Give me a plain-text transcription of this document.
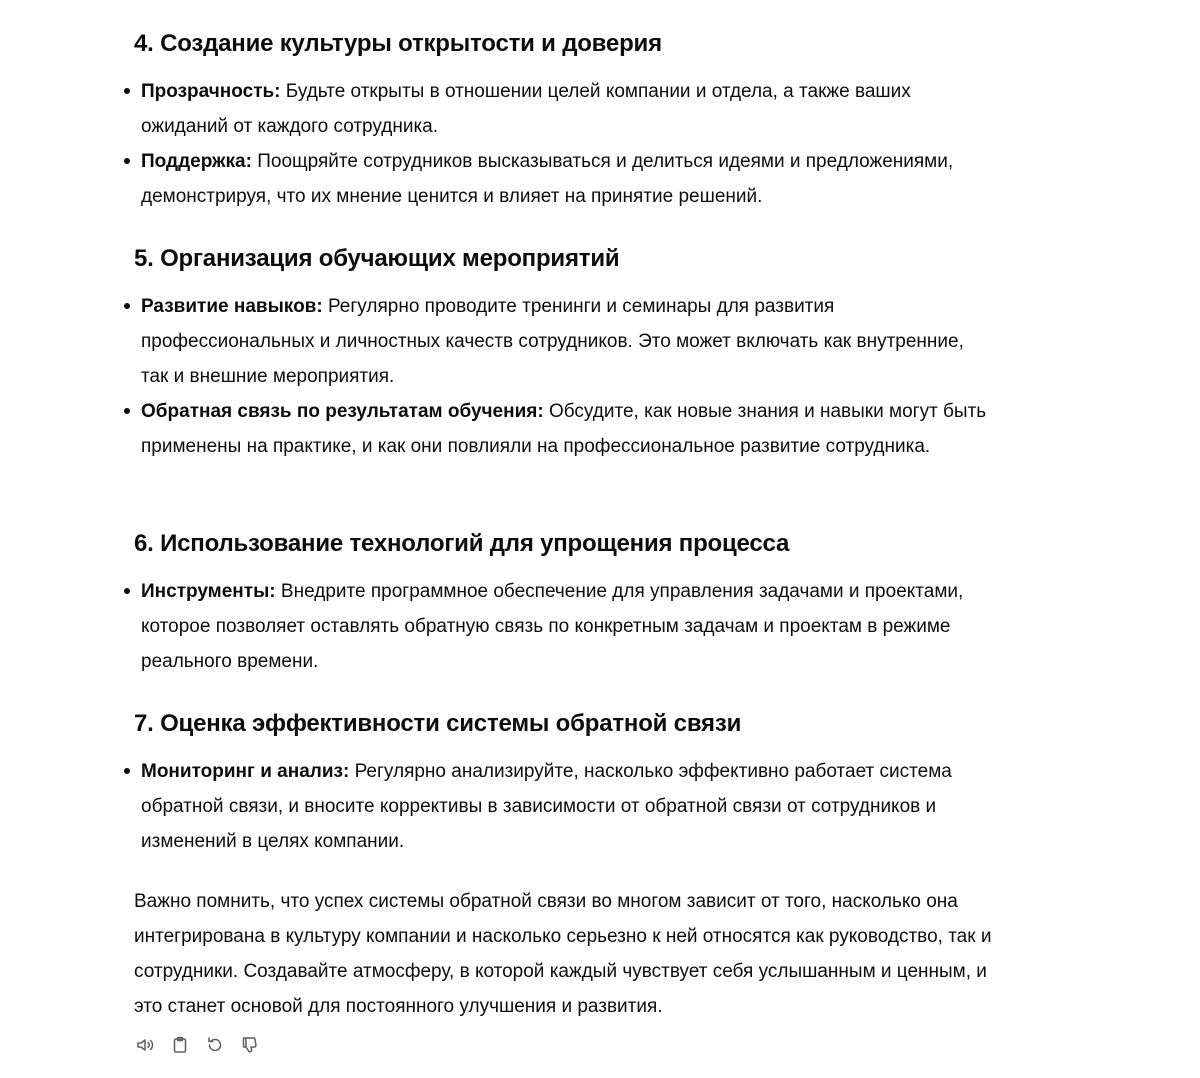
4. Создание культуры открытости и доверия
Прозрачность: Будьте открыты в отношении целей компании и отдела, а также ваших ожиданий от каждого сотрудника.
Поддержка: Поощряйте сотрудников высказываться и делиться идеями и предложениями, демонстрируя, что их мнение ценится и влияет на принятие решений.
5. Организация обучающих мероприятий
Развитие навыков: Регулярно проводите тренинги и семинары для развития профессиональных и личностных качеств сотрудников. Это может включать как внутренние, так и внешние мероприятия.
Обратная связь по результатам обучения: Обсудите, как новые знания и навыки могут быть применены на практике, и как они повлияли на профессиональное развитие сотрудника.
6. Использование технологий для упрощения процесса
Инструменты: Внедрите программное обеспечение для управления задачами и проектами, которое позволяет оставлять обратную связь по конкретным задачам и проектам в режиме реального времени.
7. Оценка эффективности системы обратной связи
Мониторинг и анализ: Регулярно анализируйте, насколько эффективно работает система обратной связи, и вносите коррективы в зависимости от обратной связи от сотрудников и изменений в целях компании.

Важно помнить, что успех системы обратной связи во многом зависит от того, насколько она интегрирована в культуру компании и насколько серьезно к ней относятся как руководство, так и сотрудники. Создавайте атмосферу, в которой каждый чувствует себя услышанным и ценным, и это станет основой для постоянного улучшения и развития.
